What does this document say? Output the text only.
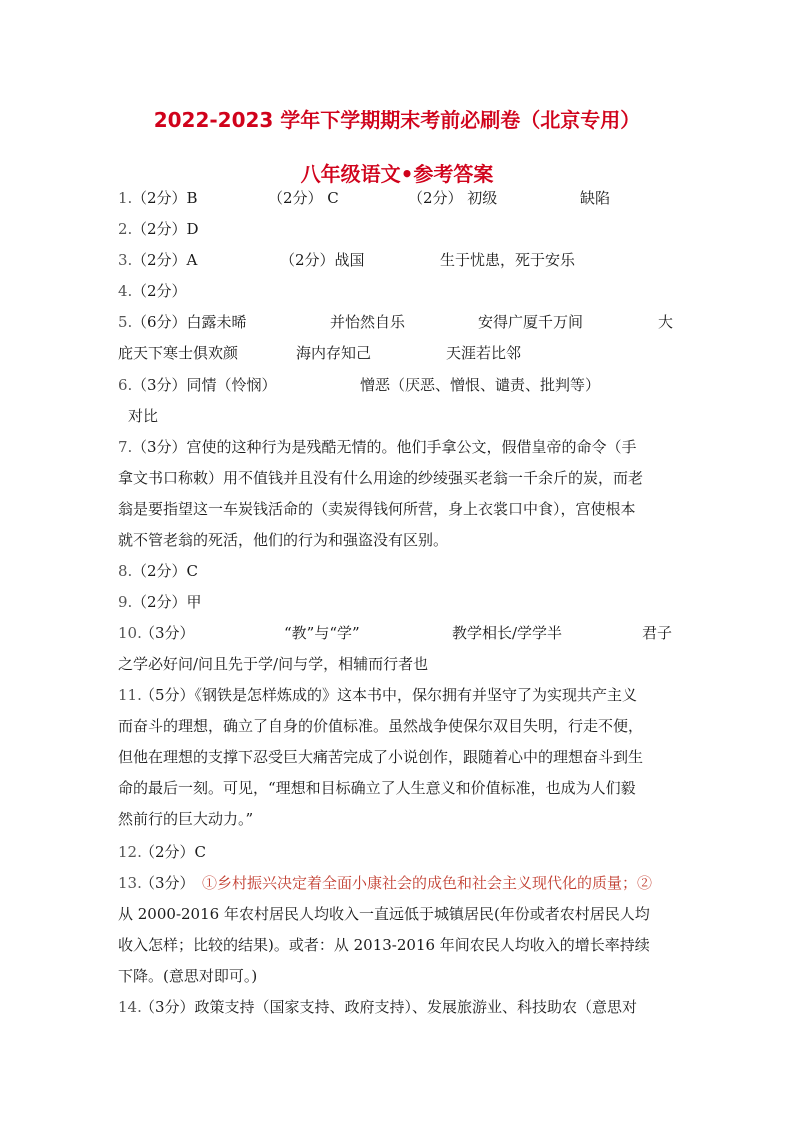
2022-2023 学年下学期期末考前必刷卷（北京专用）
八年级语文•参考答案
1. （2分）B	（2分） C	（2分） 初级	缺陷
2. （2分）D
3. （2分）A	（2分）战国	生于忧患，死于安乐
4. （2分）
5. （6分）白露未晞	并怡然自乐	安得广厦千万间	大
庇天下寒士俱欢颜	海内存知己	天涯若比邻
6. （3分）同情（怜悯）	憎恶（厌恶、憎恨、谴责、批判等）
对比
7. （3分）宫使的这种行为是残酷无情的。他们手拿公文，假借皇帝的命令（手
拿文书口称敕）用不值钱并且没有什么用途的纱绫强买老翁一千余斤的炭，而老
翁是要指望这一车炭钱活命的（卖炭得钱何所营，身上衣裳口中食），宫使根本
就不管老翁的死活，他们的行为和强盗没有区别。
8. （2分）C
9. （2分）甲
10.
（3分）	“教”与“学”	教学相长/学学半	君子
之学必好问/问且先于学/问与学，相辅而行者也
11.
（5分）《钢铁是怎样炼成的》这本书中，保尔拥有并坚守了为实现共产主义
而奋斗的理想，确立了自身的价值标准。虽然战争使保尔双目失明，行走不便，
但他在理想的支撑下忍受巨大痛苦完成了小说创作，跟随着心中的理想奋斗到生
命的最后一刻。可见，“理想和目标确立了人生意义和价值标准，也成为人们毅
然前行的巨大动力。”
12.
（2分）C
13.
（3分） ①乡村振兴决定着全面小康社会的成色和社会主义现代化的质量；②
从 2000-2016 年农村居民人均收入一直远低于城镇居民(年份或者农村居民人均
收入怎样；比较的结果)。或者：从 2013-2016 年间农民人均收入的增长率持续
下降。(意思对即可。)
14.
（3分）政策支持（国家支持、政府支持）、发展旅游业、科技助农（意思对
